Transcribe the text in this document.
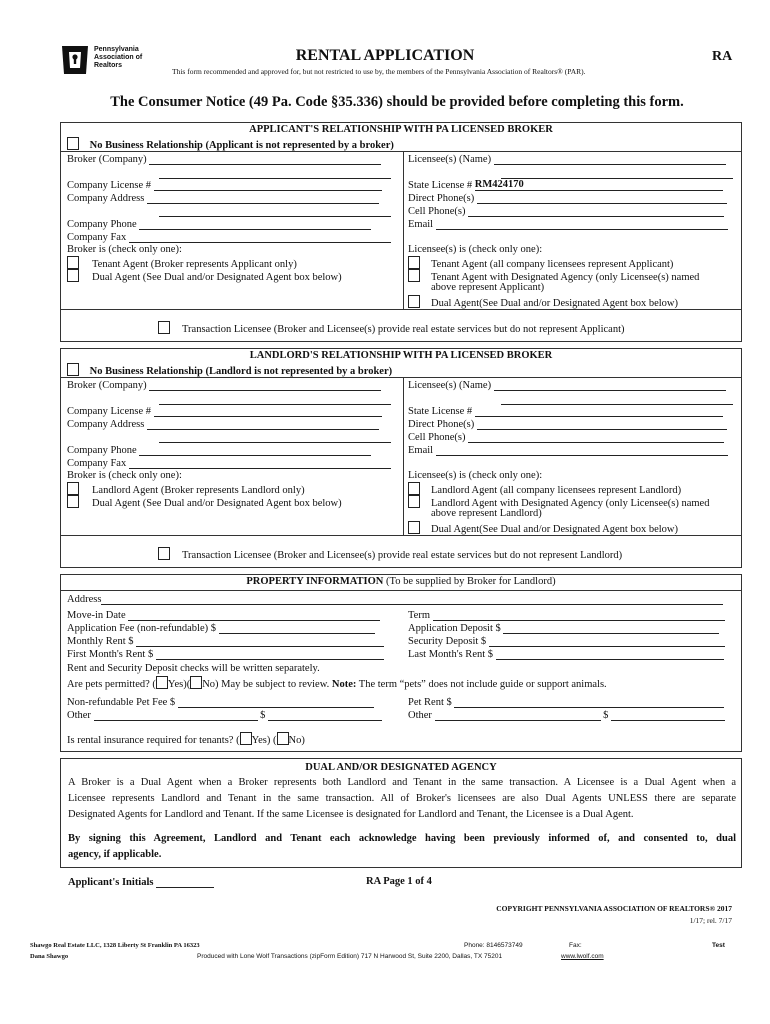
Pennsylvania
Association of
Realtors
RENTAL APPLICATION	RA
This form recommended and approved for, but not restricted to use by, the members of the Pennsylvania Association of Realtors® (PAR).
The Consumer Notice (49 Pa. Code §35.336) should be provided before completing this form.
APPLICANT'S RELATIONSHIP WITH PA LICENSED BROKER
No Business Relationship (Applicant is not represented by a broker)
Broker (Company)
Company License #
Company Address
Company Phone
Company Fax
Broker is (check only one):
Tenant Agent (Broker represents Applicant only)
Dual Agent (See Dual and/or Designated Agent box below)
Licensee(s) (Name)
State License # RM424170
Direct Phone(s)
Cell Phone(s)
Email
Licensee(s) is (check only one):
Tenant Agent (all company licensees represent Applicant)
Tenant Agent with Designated Agency (only Licensee(s) named
above represent Applicant)
Dual Agent(See Dual and/or Designated Agent box below)
Transaction Licensee (Broker and Licensee(s) provide real estate services but do not represent Applicant)
LANDLORD'S RELATIONSHIP WITH PA LICENSED BROKER
No Business Relationship (Landlord is not represented by a broker)
Broker (Company)
Company License #
Company Address
Company Phone
Company Fax
Broker is (check only one):
Landlord Agent (Broker represents Landlord only)
Dual Agent (See Dual and/or Designated Agent box below)
Licensee(s) (Name)
State License #
Direct Phone(s)
Cell Phone(s)
Email
Licensee(s) is (check only one):
Landlord Agent (all company licensees represent Landlord)
Landlord Agent with Designated Agency (only Licensee(s) named
above represent Landlord)
Dual Agent(See Dual and/or Designated Agent box below)
Transaction Licensee (Broker and Licensee(s) provide real estate services but do not represent Landlord)
PROPERTY INFORMATION (To be supplied by Broker for Landlord)
Address
Move-in Date	Term
Application Fee (non-refundable) $	Application Deposit $
Monthly Rent $	Security Deposit $
First Month's Rent $	Last Month's Rent $
Rent and Security Deposit checks will be written separately.
Are pets permitted? ( Yes)( No) May be subject to review. Note: The term “pets” does not include guide or support animals.
Non-refundable Pet Fee $	Pet Rent $
Other	$	Other	$
Is rental insurance required for tenants? ( Yes) ( No)
DUAL AND/OR DESIGNATED AGENCY
A Broker is a Dual Agent when a Broker represents both Landlord and Tenant in the same transaction. A Licensee is a Dual Agent when a
Licensee represents Landlord and Tenant in the same transaction. All of Broker's licensees are also Dual Agents UNLESS there are separate
Designated Agents for Landlord and Tenant. If the same Licensee is designated for Landlord and Tenant, the Licensee is a Dual Agent.
By signing this Agreement, Landlord and Tenant each acknowledge having been previously informed of, and consented to, dual
agency, if applicable.
Applicant's Initials	RA Page 1 of 4
COPYRIGHT PENNSYLVANIA ASSOCIATION OF REALTORS® 2017
1/17; rel. 7/17
Shawgo Real Estate LLC, 1328 Liberty St Franklin PA 16323
Dana Shawgo
Phone: 8146573749	Fax:	Test
Produced with Lone Wolf Transactions (zipForm Edition) 717 N Harwood St, Suite 2200, Dallas, TX 75201	www.lwolf.com
